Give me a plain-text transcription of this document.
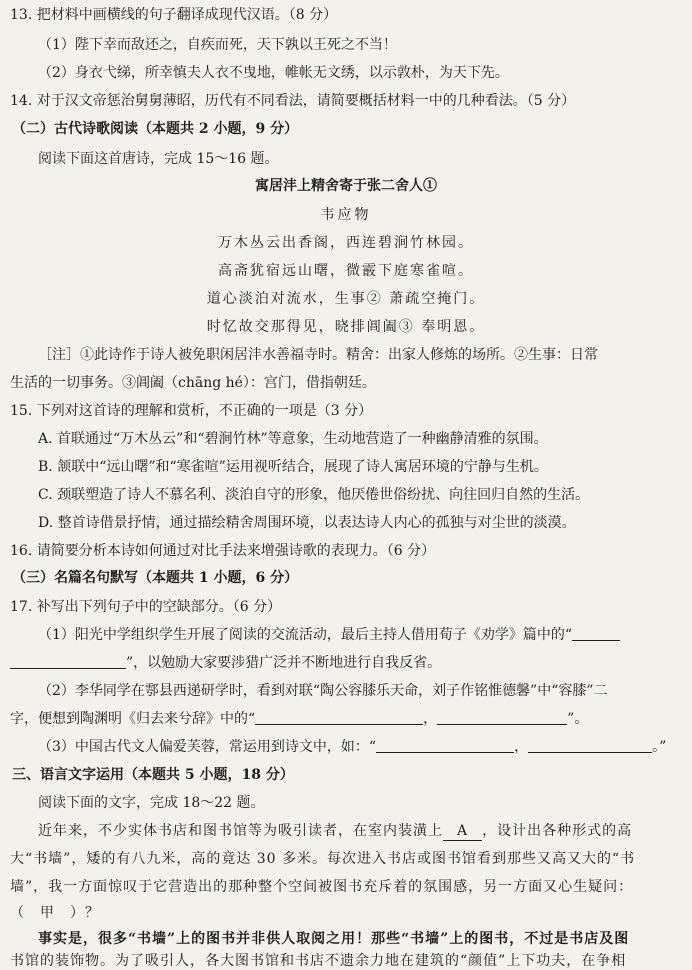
13. 把材料中画横线的句子翻译成现代汉语。（8 分）
（1）陛下幸而敌还之，自疾而死，天下孰以王死之不当！
（2）身衣弋绨，所幸慎夫人衣不曳地，帷帐无文绣，以示敦朴，为天下先。
14. 对于汉文帝惩治舅舅薄昭，历代有不同看法，请简要概括材料一中的几种看法。（5 分）
（二）古代诗歌阅读（本题共 2 小题，9 分）
阅读下面这首唐诗，完成 15～16 题。
寓居沣上精舍寄于张二舍人①
韦应物
万木丛云出香阁，西连碧涧竹林园。
高斋犹宿远山曙，微霰下庭寒雀喧。
道心淡泊对流水，生事② 萧疏空掩门。
时忆故交那得见，晓排阊阖③ 奉明恩。
［注］①此诗作于诗人被免职闲居沣水善福寺时。精舍：出家人修炼的场所。②生事：日常
生活的一切事务。③阊阖（chāng hé）：宫门，借指朝廷。
15. 下列对这首诗的理解和赏析，不正确的一项是（3 分）
A. 首联通过“万木丛云”和“碧涧竹林”等意象，生动地营造了一种幽静清雅的氛围。
B. 颔联中“远山曙”和“寒雀喧”运用视听结合，展现了诗人寓居环境的宁静与生机。
C. 颈联塑造了诗人不慕名利、淡泊自守的形象，他厌倦世俗纷扰、向往回归自然的生活。
D. 整首诗借景抒情，通过描绘精舍周围环境，以表达诗人内心的孤独与对尘世的淡漠。
16. 请简要分析本诗如何通过对比手法来增强诗歌的表现力。（6 分）
（三）名篇名句默写（本题共 1 小题，6 分）
17. 补写出下列句子中的空缺部分。（6 分）
（1）阳光中学组织学生开展了阅读的交流活动，最后主持人借用荀子《劝学》篇中的“
”，以勉励大家要涉猎广泛并不断地进行自我反省。
（2）李华同学在鄠县西递研学时，看到对联“陶公容膝乐天命，刘子作铭惟德馨”中“容膝”二
字，便想到陶渊明《归去来兮辞》中的“	，	”。
（3）中国古代文人偏爱芙蓉，常运用到诗文中，如：“	，	。”
三、语言文字运用（本题共 5 小题，18 分）
阅读下面的文字，完成 18～22 题。
近年来，不少实体书店和图书馆等为吸引读者，在室内装潢上 A ，设计出各种形式的高
大“书墙”，矮的有八九米，高的竟达 30 多米。每次进入书店或图书馆看到那些又高又大的“书
墙”，我一方面惊叹于它营造出的那种整个空间被图书充斥着的氛围感，另一方面又心生疑问：
（　甲　）？
事实是，很多“书墙”上的图书并非供人取阅之用！那些“书墙”上的图书，不过是书店及图
书馆的装饰物。为了吸引人，各大图书馆和书店不遗余力地在建筑的“颜值”上下功夫，在争相
